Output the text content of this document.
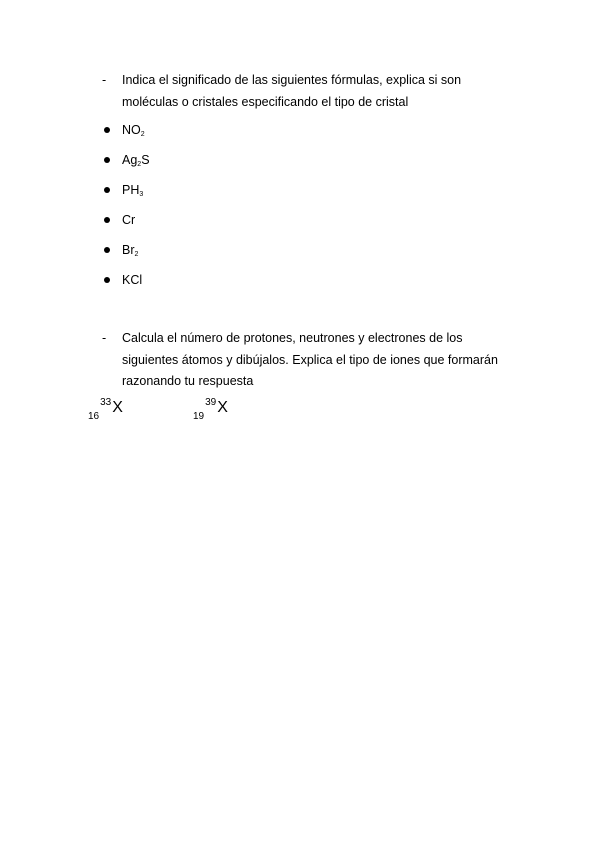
- Indica el significado de las siguientes fórmulas, explica si son moléculas o cristales especificando el tipo de cristal
$NO_2$
$Ag_2S$
$PH_3$
Cr
$Br_2$
KCl
- Calcula el número de protones, neutrones y electrones de los siguientes átomos y dibújalos. Explica el tipo de iones que formarán razonando tu respuesta
$_{16}^{33}$X
$_{19}^{39}$X
